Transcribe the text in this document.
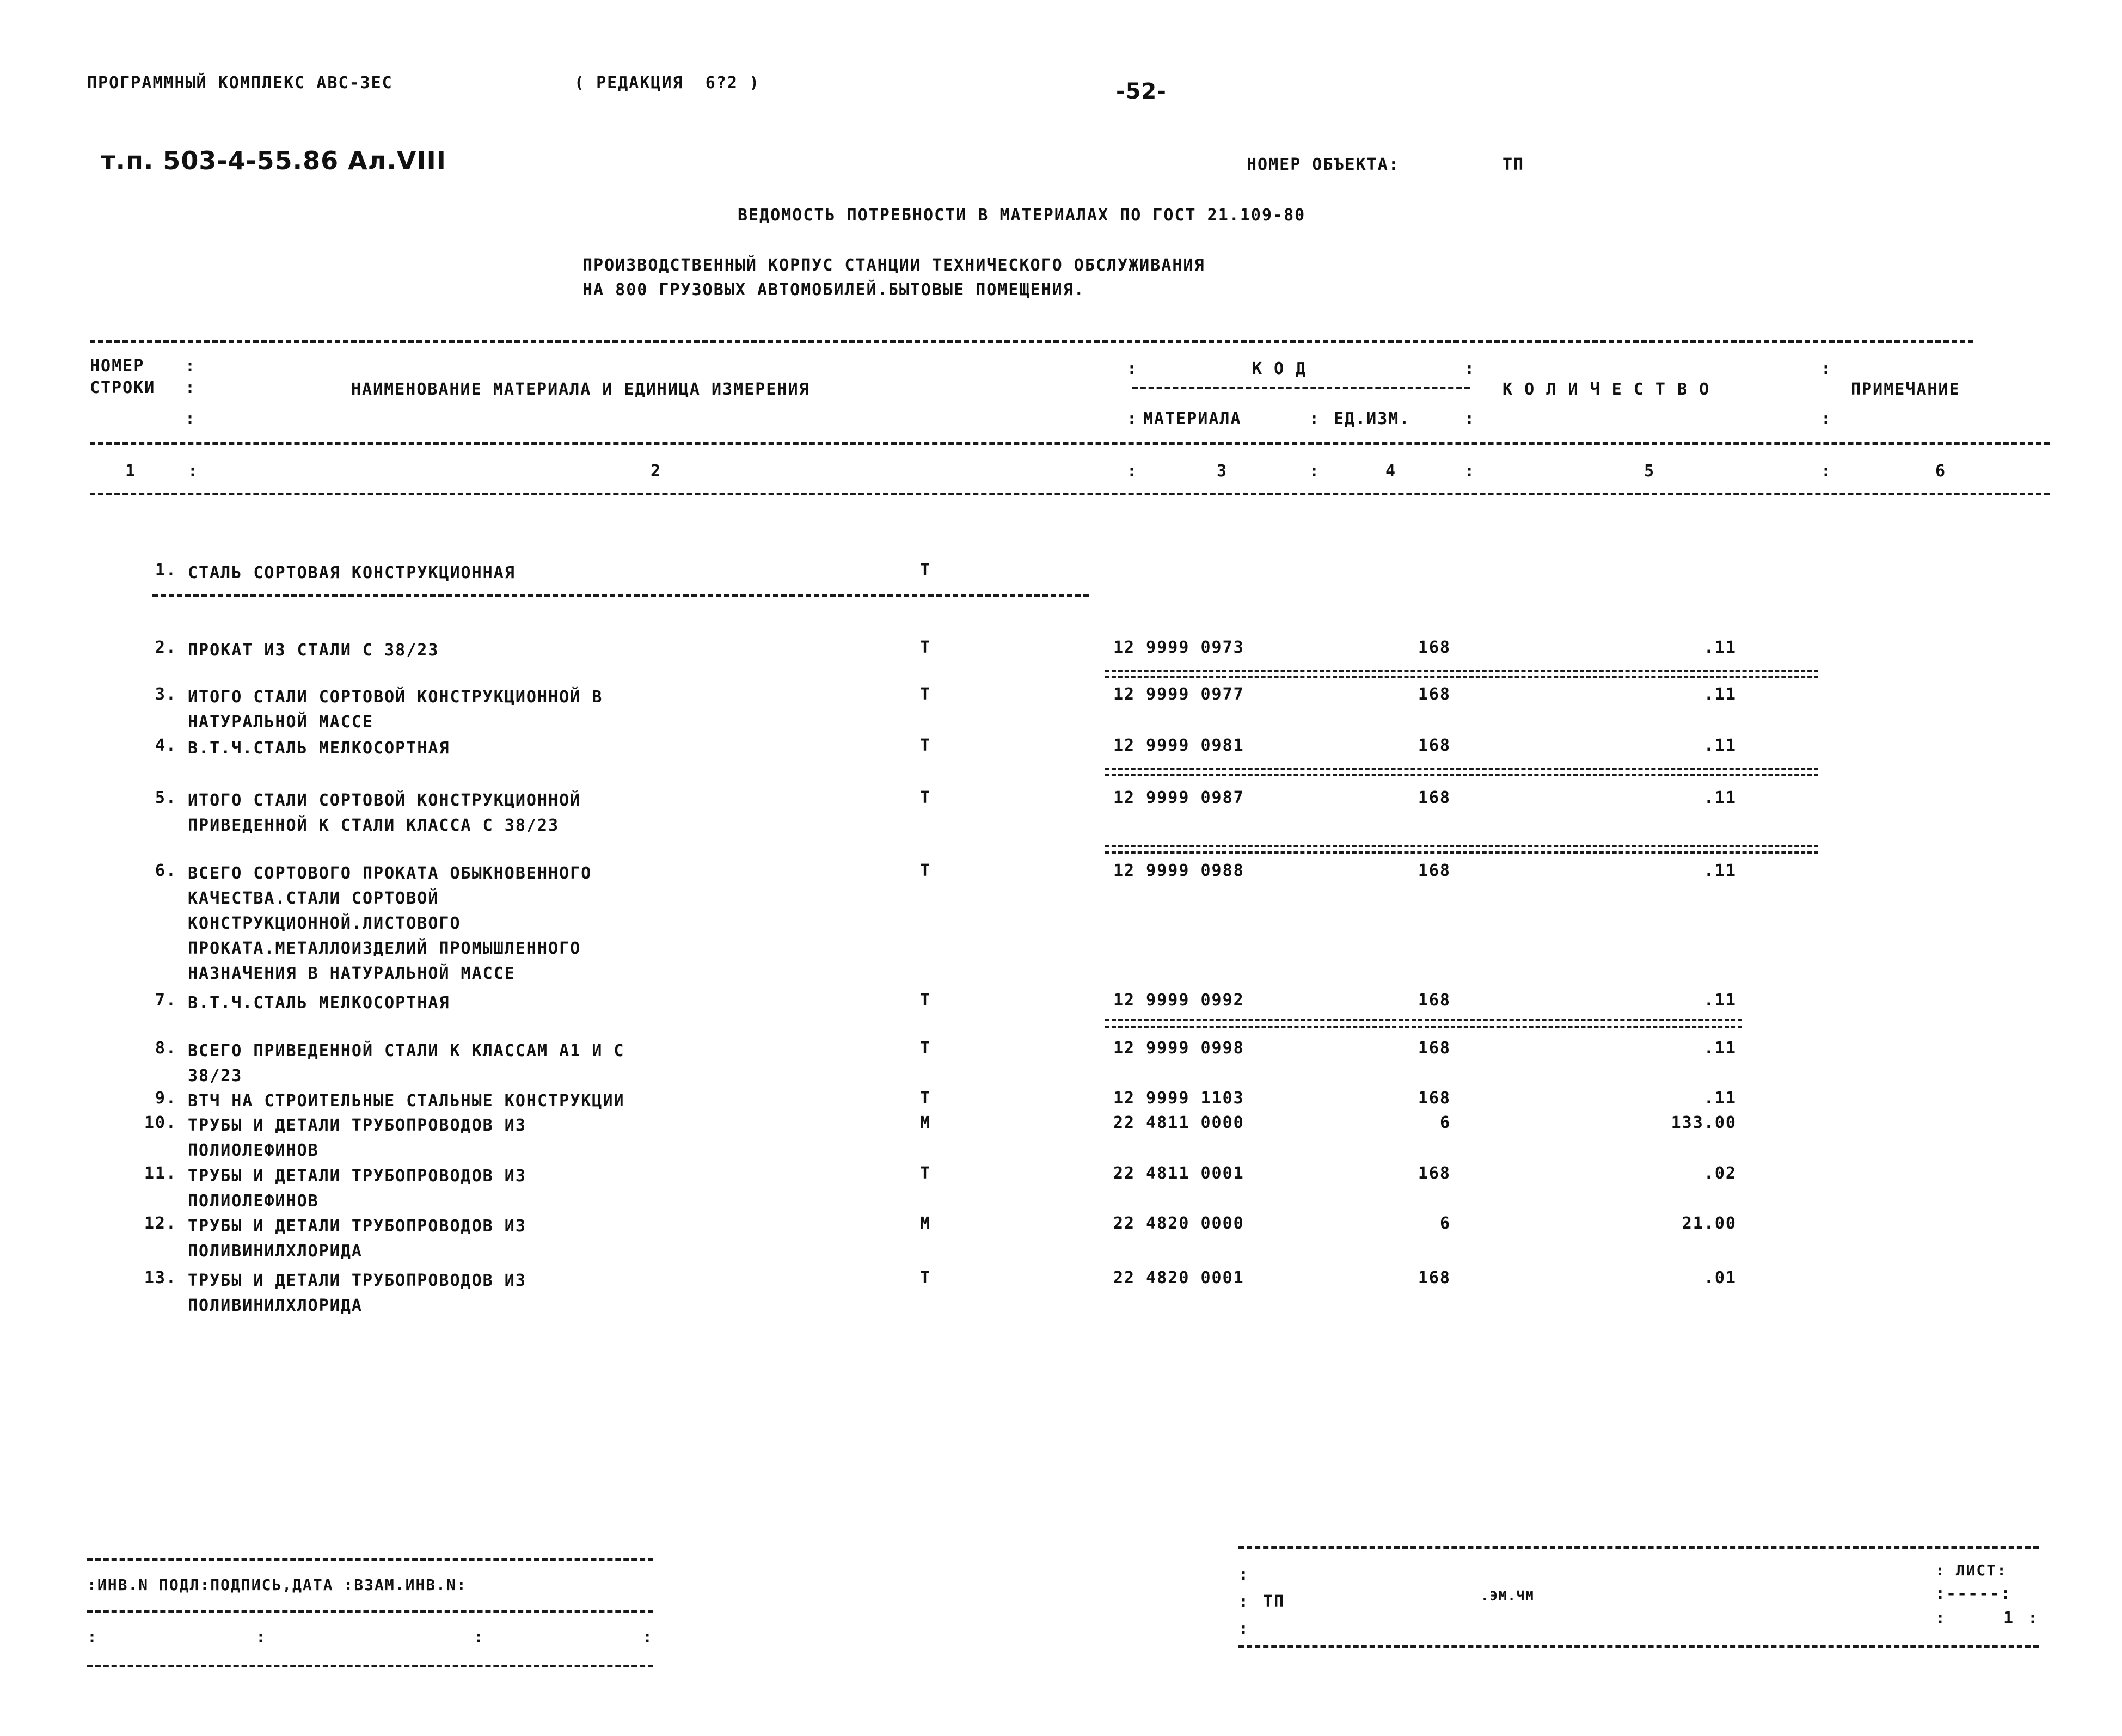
ПРОГРАММНЫЙ КОМПЛЕКС АВС-3ЕС	( РЕДАКЦИЯ  6?2 )	-52-
т.п. 503-4-55.86 Ал.VIII	НОМЕР ОБЪЕКТА:	ТП
ВЕДОМОСТЬ ПОТРЕБНОСТИ В МАТЕРИАЛАХ ПО ГОСТ 21.109-80
ПРОИЗВОДСТВЕННЫЙ КОРПУС СТАНЦИИ ТЕХНИЧЕСКОГО ОБСЛУЖИВАНИЯ
НА 800 ГРУЗОВЫХ АВТОМОБИЛЕЙ.БЫТОВЫЕ ПОМЕЩЕНИЯ.
НОМЕР
СТРОКИ	НАИМЕНОВАНИЕ МАТЕРИАЛА И ЕДИНИЦА ИЗМЕРЕНИЯ
К О Д
МАТЕРИАЛА	ЕД.ИЗМ.
К О Л И Ч Е С Т В О	ПРИМЕЧАНИЕ
:
:
:
:
:	:
:
:
:
:
1	2	3	4	5	6
:	:	:	:	:
1. СТАЛЬ СОРТОВАЯ КОНСТРУКЦИОННАЯ	Т
2. ПРОКАТ ИЗ СТАЛИ С 38/23	Т	12 9999 0973	168	.11
3. ИТОГО СТАЛИ СОРТОВОЙ КОНСТРУКЦИОННОЙ В
НАТУРАЛЬНОЙ МАССЕ
Т	12 9999 0977	168	.11
4. В.Т.Ч.СТАЛЬ МЕЛКОСОРТНАЯ	Т	12 9999 0981	168	.11
5. ИТОГО СТАЛИ СОРТОВОЙ КОНСТРУКЦИОННОЙ
ПРИВЕДЕННОЙ К СТАЛИ КЛАССА С 38/23
Т	12 9999 0987	168	.11
6. ВСЕГО СОРТОВОГО ПРОКАТА ОБЫКНОВЕННОГО
КАЧЕСТВА.СТАЛИ СОРТОВОЙ
КОНСТРУКЦИОННОЙ.ЛИСТОВОГО
ПРОКАТА.МЕТАЛЛОИЗДЕЛИЙ ПРОМЫШЛЕННОГО
НАЗНАЧЕНИЯ В НАТУРАЛЬНОЙ МАССЕ
Т	12 9999 0988	168	.11
7. В.Т.Ч.СТАЛЬ МЕЛКОСОРТНАЯ	Т	12 9999 0992	168	.11
8. ВСЕГО ПРИВЕДЕННОЙ СТАЛИ К КЛАССАМ А1 И С
38/23
Т	12 9999 0998	168	.11
9. ВТЧ НА СТРОИТЕЛЬНЫЕ СТАЛЬНЫЕ КОНСТРУКЦИИ	Т	12 9999 1103	168	.11
10. ТРУБЫ И ДЕТАЛИ ТРУБОПРОВОДОВ ИЗ
ПОЛИОЛЕФИНОВ
М	22 4811 0000	6	133.00
11. ТРУБЫ И ДЕТАЛИ ТРУБОПРОВОДОВ ИЗ
ПОЛИОЛЕФИНОВ
Т	22 4811 0001	168	.02
12. ТРУБЫ И ДЕТАЛИ ТРУБОПРОВОДОВ ИЗ
ПОЛИВИНИЛХЛОРИДА
М	22 4820 0000	6	21.00
13. ТРУБЫ И ДЕТАЛИ ТРУБОПРОВОДОВ ИЗ
ПОЛИВИНИЛХЛОРИДА
Т	22 4820 0001	168	.01
:ИНВ.N ПОДЛ:ПОДПИСЬ,ДАТА :ВЗАМ.ИНВ.N:
:	:	:	:
:
:
:
ТП	.ЭМ.ЧМ
: ЛИСТ:
:-----:
:	1 :
